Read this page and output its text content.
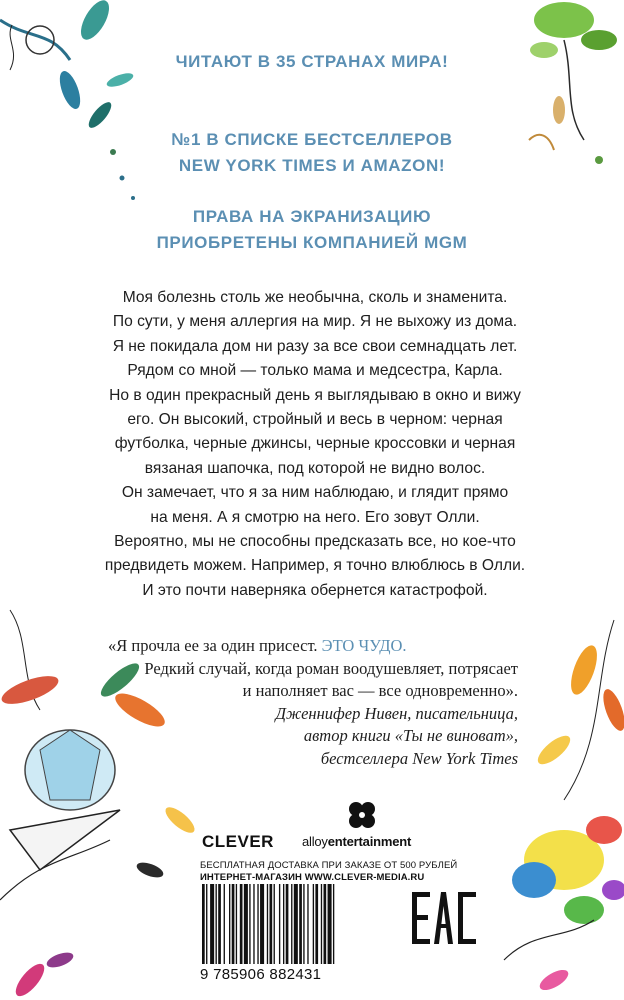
ЧИТАЮТ В 35 СТРАНАХ МИРА!
№1 В СПИСКЕ БЕСТСЕЛЛЕРОВ
NEW YORK TIMES И AMAZON!
ПРАВА НА ЭКРАНИЗАЦИЮ
ПРИОБРЕТЕНЫ КОМПАНИЕЙ MGM
Моя болезнь столь же необычна, сколь и знаменита.
По сути, у меня аллергия на мир. Я не выхожу из дома.
Я не покидала дом ни разу за все свои семнадцать лет.
Рядом со мной — только мама и медсестра, Карла.
Но в один прекрасный день я выглядываю в окно и вижу
его. Он высокий, стройный и весь в черном: черная
футболка, черные джинсы, черные кроссовки и черная
вязаная шапочка, под которой не видно волос.
Он замечает, что я за ним наблюдаю, и глядит прямо
на меня. А я смотрю на него. Его зовут Олли.
Вероятно, мы не способны предсказать все, но кое-что
предвидеть можем. Например, я точно влюблюсь в Олли.
И это почти наверняка обернется катастрофой.
«Я прочла ее за один присест. ЭТО ЧУДО.
Редкий случай, когда роман воодушевляет, потрясает
и наполняет вас — все одновременно».
Дженнифер Нивен, писательница,
автор книги «Ты не виноват»,
бестселлера New York Times
CLEVER alloyentertainment
БЕСПЛАТНАЯ ДОСТАВКА ПРИ ЗАКАЗЕ ОТ 500 РУБЛЕЙ
ИНТЕРНЕТ-МАГАЗИН WWW.CLEVER-MEDIA.RU
9 785906 882431
EAC
